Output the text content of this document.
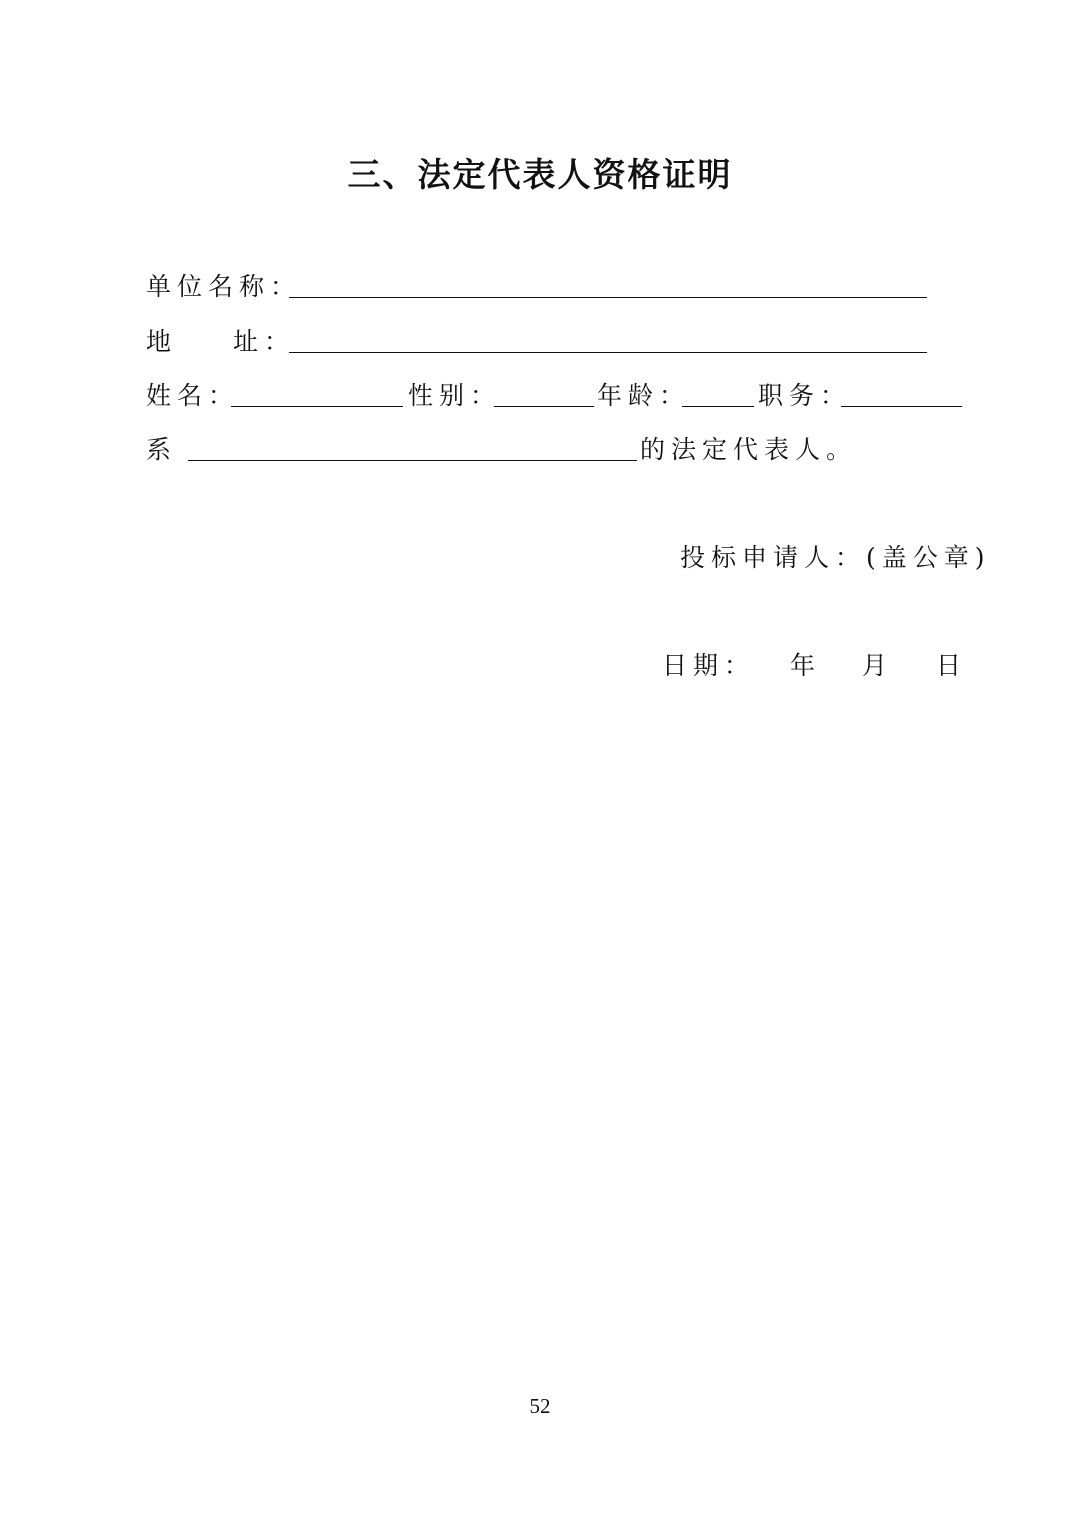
三、法定代表人资格证明
单位名称：
地 址：
姓名：	性别：	年龄：	职务：
系	的法定代表人。
投标申请人：(盖公章)
日期： 年 月 日
52
